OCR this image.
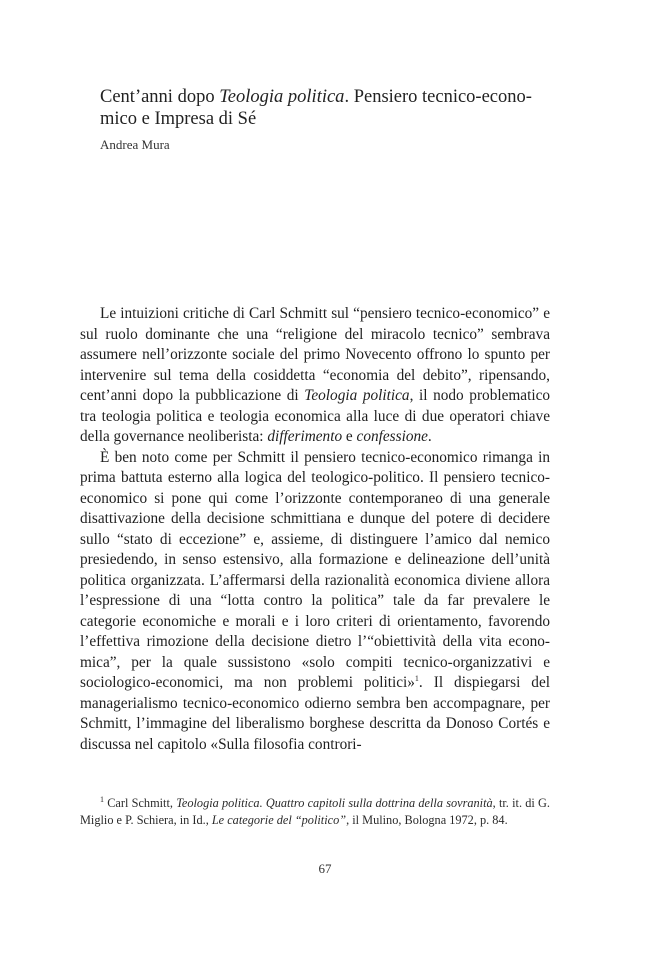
Cent’anni dopo Teologia politica. Pensiero tecnico-economico e Impresa di Sé
Andrea Mura

Le intuizioni critiche di Carl Schmitt sul “pensiero tecnico-economico” e sul ruolo dominante che una “religione del miracolo tecnico” sembrava assumere nell’orizzonte sociale del primo Novecento offrono lo spunto per intervenire sul tema della cosiddetta “economia del debito”, ripensando, cent’anni dopo la pubblicazione di Teologia politica, il nodo problematico tra teologia politica e teologia economica alla luce di due operatori chiave della governance neoliberista: differimento e confessione.

È ben noto come per Schmitt il pensiero tecnico-economico rimanga in prima battuta esterno alla logica del teologico-politico. Il pensiero tecnico-economico si pone qui come l’orizzonte contemporaneo di una generale disattivazione della decisione schmittiana e dunque del potere di decidere sullo “stato di eccezione” e, assieme, di distinguere l’amico dal nemico presiedendo, in senso estensivo, alla formazione e delineazione dell’unità politica organizzata. L’affermarsi della razionalità economica diviene allora l’espressione di una “lotta contro la politica” tale da far prevalere le categorie economiche e morali e i loro criteri di orientamento, favorendo l’effettiva rimozione della decisione dietro l’“obiettività della vita economica”, per la quale sussistono «solo compiti tecnico-organizzativi e sociologico-economici, ma non problemi politici»$^1$. Il dispiegarsi del managerialismo tecnico-economico odierno sembra ben accompagnare, per Schmitt, l’immagine del liberalismo borghese descritta da Donoso Cortés e discussa nel capitolo «Sulla filosofia controri-

$^1$ Carl Schmitt, Teologia politica. Quattro capitoli sulla dottrina della sovranità, tr. it. di G. Miglio e P. Schiera, in Id., Le categorie del “politico”, il Mulino, Bologna 1972, p. 84.
67
